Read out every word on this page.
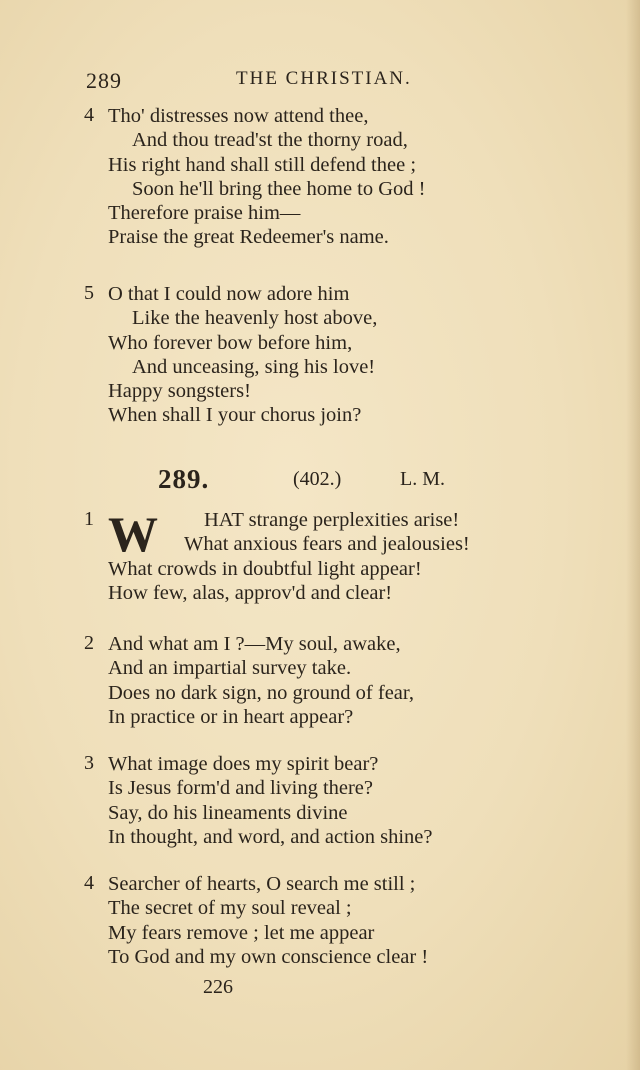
289	THE CHRISTIAN.
4 Tho' distresses now attend thee,
And thou tread'st the thorny road,
His right hand shall still defend thee ;
Soon he'll bring thee home to God !
Therefore praise him—
Praise the great Redeemer's name.
5 O that I could now adore him
Like the heavenly host above,
Who forever bow before him,
And unceasing, sing his love!
Happy songsters!
When shall I your chorus join?
289.	(402.)	L. M.
1 W	HAT strange perplexities arise!
What anxious fears and jealousies!
What crowds in doubtful light appear!
How few, alas, approv'd and clear!
2 And what am I ?—My soul, awake,
And an impartial survey take.
Does no dark sign, no ground of fear,
In practice or in heart appear?
3 What image does my spirit bear?
Is Jesus form'd and living there?
Say, do his lineaments divine
In thought, and word, and action shine?
4 Searcher of hearts, O search me still ;
The secret of my soul reveal ;
My fears remove ; let me appear
To God and my own conscience clear !
226
